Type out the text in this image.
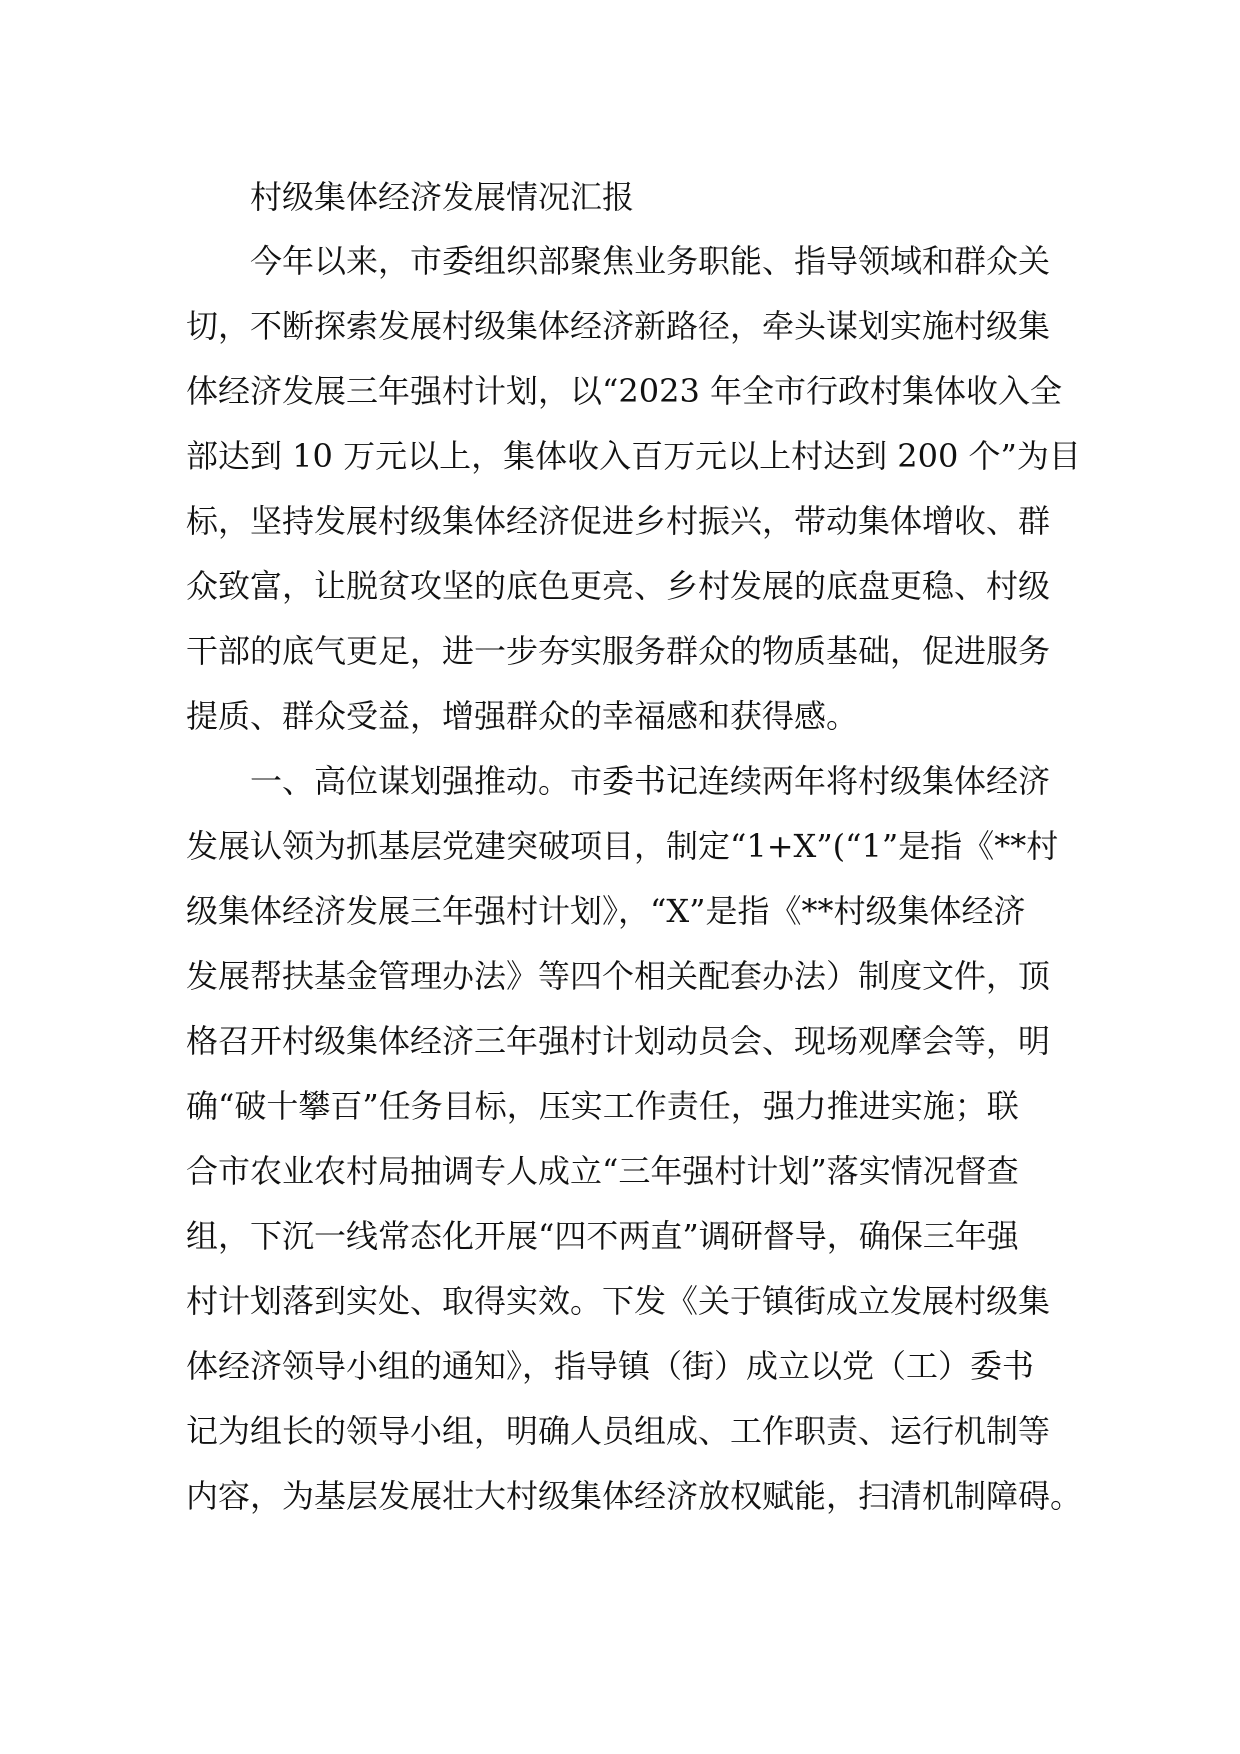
村级集体经济发展情况汇报

今年以来，市委组织部聚焦业务职能、指导领域和群众关

切，不断探索发展村级集体经济新路径，牵头谋划实施村级集

体经济发展三年强村计划，以“2023 年全市行政村集体收入全

部达到 10 万元以上，集体收入百万元以上村达到 200 个”为目

标，坚持发展村级集体经济促进乡村振兴，带动集体增收、群

众致富，让脱贫攻坚的底色更亮、乡村发展的底盘更稳、村级

干部的底气更足，进一步夯实服务群众的物质基础，促进服务

提质、群众受益，增强群众的幸福感和获得感。

一、高位谋划强推动。市委书记连续两年将村级集体经济

发展认领为抓基层党建突破项目，制定“1+X”(“1”是指《**村

级集体经济发展三年强村计划》，“X”是指《**村级集体经济

发展帮扶基金管理办法》等四个相关配套办法）制度文件，顶

格召开村级集体经济三年强村计划动员会、现场观摩会等，明

确“破十攀百”任务目标，压实工作责任，强力推进实施；联

合市农业农村局抽调专人成立“三年强村计划”落实情况督查

组，下沉一线常态化开展“四不两直”调研督导，确保三年强

村计划落到实处、取得实效。下发《关于镇街成立发展村级集

体经济领导小组的通知》，指导镇（街）成立以党（工）委书

记为组长的领导小组，明确人员组成、工作职责、运行机制等

内容，为基层发展壮大村级集体经济放权赋能，扫清机制障碍。
